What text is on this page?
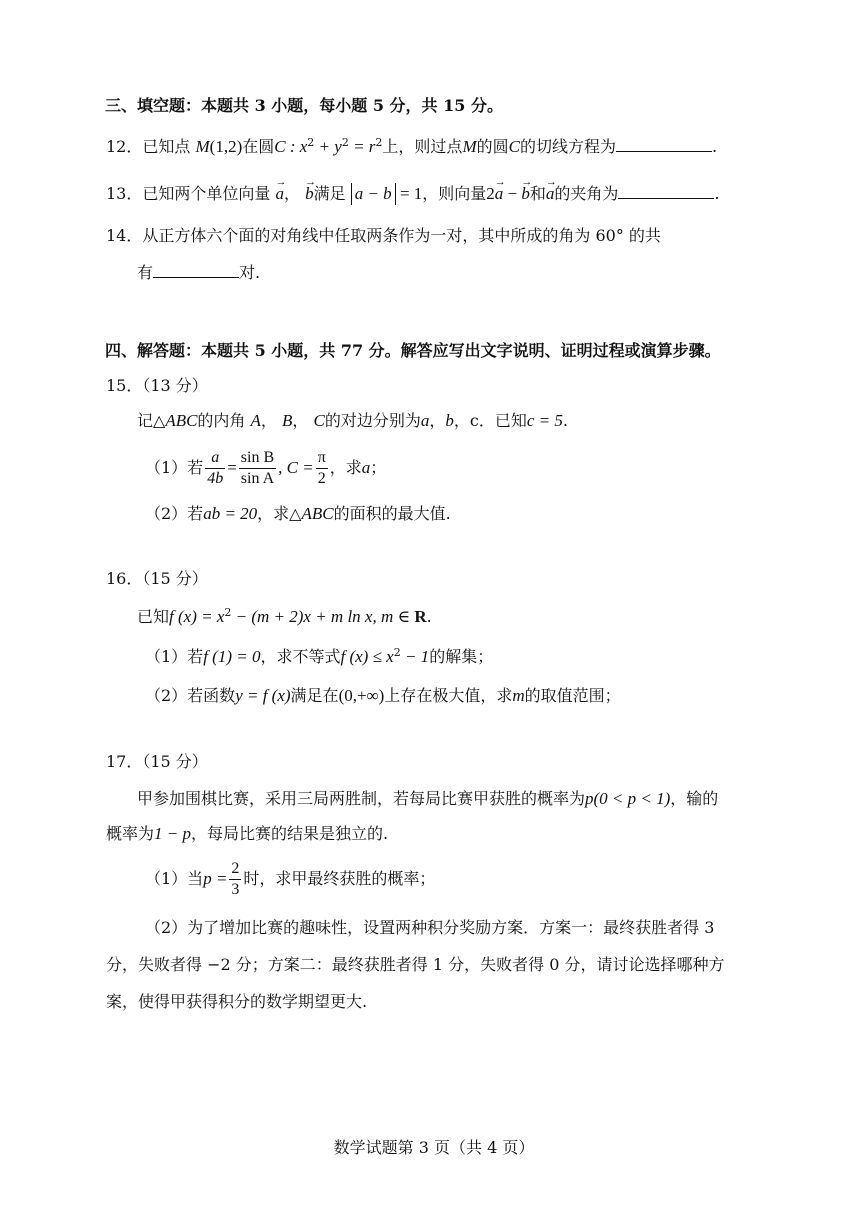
三、填空题：本题共 3 小题，每小题 5 分，共 15 分。
12．已知点 M(1,2)在圆C : $x^2 + y^2 = r^2$上，则过点M的圆C的切线方程为	.
13．已知两个单位向量 → a， → b满足 a − b = 1，则向量2→ a − → b和→ a的夹角为	.
14．从正方体六个面的对角线中任取两条作为一对，其中所成的角为 60° 的共
有	对.
四、解答题：本题共 5 小题，共 77 分。解答应写出文字说明、证明过程或演算步骤。
15．（13 分）
记△ABC的内角 A， B， C的对边分别为a，b，c．已知c = 5.
（1）若 $\frac{a}{4b} = \frac{\text{sin B}}{\text{sin A}}$ , $C = \frac{\pi}{2}$ ，求a；
（2）若ab = 20，求△ABC的面积的最大值.
16．（15 分）
已知f $(x) = x^2 - (m + 2)x + m$ ln x, m ∈ R.
（1）若f (1) = 0，求不等式f $(x) \le x^2 - 1$的解集；
（2）若函数y = f (x)满足在(0,+∞)上存在极大值，求m的取值范围；
17．（15 分）
甲参加围棋比赛，采用三局两胜制，若每局比赛甲获胜的概率为p(0 < p < 1)，输的
概率为1 − p，每局比赛的结果是独立的.
（1）当$p = \frac{2}{3}$ 时，求甲最终获胜的概率；
（2）为了增加比赛的趣味性，设置两种积分奖励方案．方案一：最终获胜者得 3
分，失败者得 −2 分；方案二：最终获胜者得 1 分，失败者得 0 分，请讨论选择哪种方
案，使得甲获得积分的数学期望更大.
数学试题第 3 页（共 4 页）
